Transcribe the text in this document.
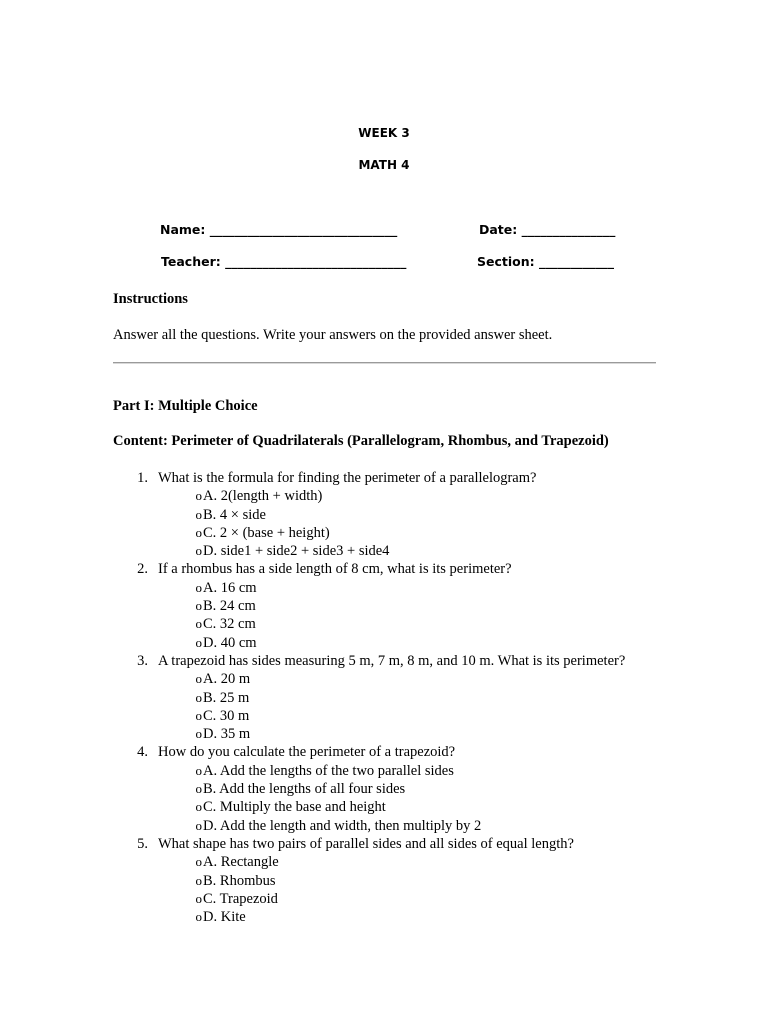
WEEK 3
MATH 4
Name: ______________________________	Date: _______________
Teacher: _____________________________	Section: ____________
Instructions
Answer all the questions. Write your answers on the provided answer sheet.
Part I: Multiple Choice
Content: Perimeter of Quadrilaterals (Parallelogram, Rhombus, and Trapezoid)
1. What is the formula for finding the perimeter of a parallelogram?
o A. 2(length + width)
o B. 4 × side
o C. 2 × (base + height)
o D. side1 + side2 + side3 + side4
2. If a rhombus has a side length of 8 cm, what is its perimeter?
o A. 16 cm
o B. 24 cm
o C. 32 cm
o D. 40 cm
3. A trapezoid has sides measuring 5 m, 7 m, 8 m, and 10 m. What is its perimeter?
o A. 20 m
o B. 25 m
o C. 30 m
o D. 35 m
4. How do you calculate the perimeter of a trapezoid?
o A. Add the lengths of the two parallel sides
o B. Add the lengths of all four sides
o C. Multiply the base and height
o D. Add the length and width, then multiply by 2
5. What shape has two pairs of parallel sides and all sides of equal length?
o A. Rectangle
o B. Rhombus
o C. Trapezoid
o D. Kite
